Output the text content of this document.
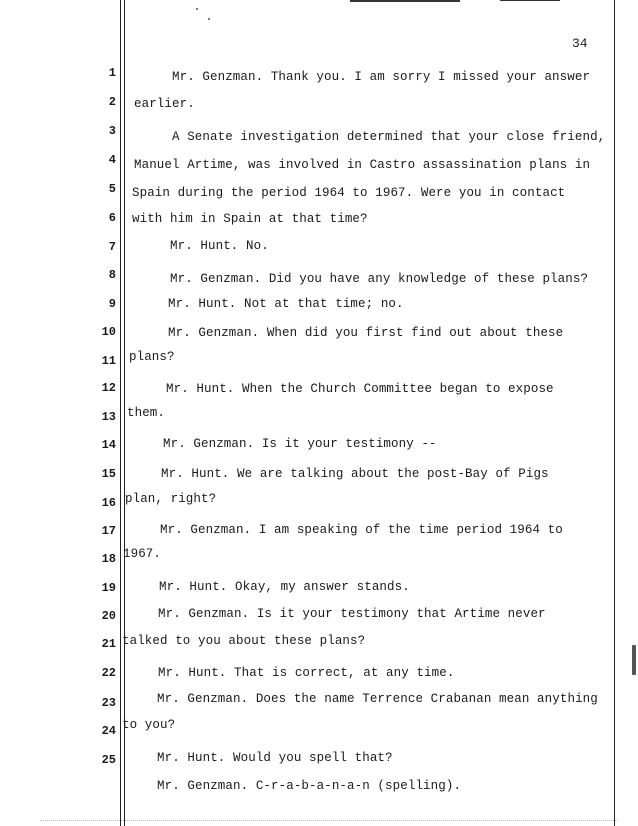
34
1
2
3
4
5
6
7
8
9
10
11
12
13
14
15
16
17
18
19
20
21
22
23
24
25
Mr. Genzman. Thank you. I am sorry I missed your answer
earlier.
A Senate investigation determined that your close friend,
Manuel Artime, was involved in Castro assassination plans in
Spain during the period 1964 to 1967. Were you in contact
with him in Spain at that time?
Mr. Hunt. No.
Mr. Genzman. Did you have any knowledge of these plans?
Mr. Hunt. Not at that time; no.
Mr. Genzman. When did you first find out about these
plans?
Mr. Hunt. When the Church Committee began to expose
them.
Mr. Genzman. Is it your testimony --
Mr. Hunt. We are talking about the post-Bay of Pigs
plan, right?
Mr. Genzman. I am speaking of the time period 1964 to
1967.
Mr. Hunt. Okay, my answer stands.
Mr. Genzman. Is it your testimony that Artime never
talked to you about these plans?
Mr. Hunt. That is correct, at any time.
Mr. Genzman. Does the name Terrence Crabanan mean anything
to you?
Mr. Hunt. Would you spell that?
Mr. Genzman. C-r-a-b-a-n-a-n (spelling).
